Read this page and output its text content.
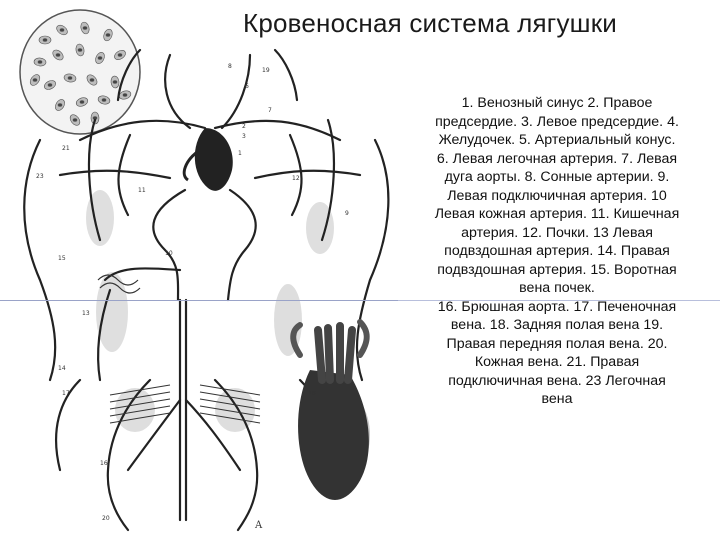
8
6
21
23
7
2
3
1
11
15
13
14
17	18
16
20
12
10
9
19
A
Кровеносная система лягушки
1. Венозный синус 2. Правое
предсердие. 3. Левое предсердие. 4.
Желудочек. 5. Артериальный конус.
6. Левая легочная артерия. 7. Левая
дуга аорты. 8. Сонные артерии. 9.
Левая подключичная артерия. 10
Левая кожная артерия. 11. Кишечная
артерия. 12. Почки. 13 Левая
подвздошная артерия. 14. Правая
подвздошная артерия. 15. Воротная
вена почек.
16. Брюшная аорта. 17. Печеночная
вена. 18. Задняя полая вена 19.
Правая передняя полая вена. 20.
Кожная вена. 21. Правая
подключичная вена. 23 Легочная
вена
